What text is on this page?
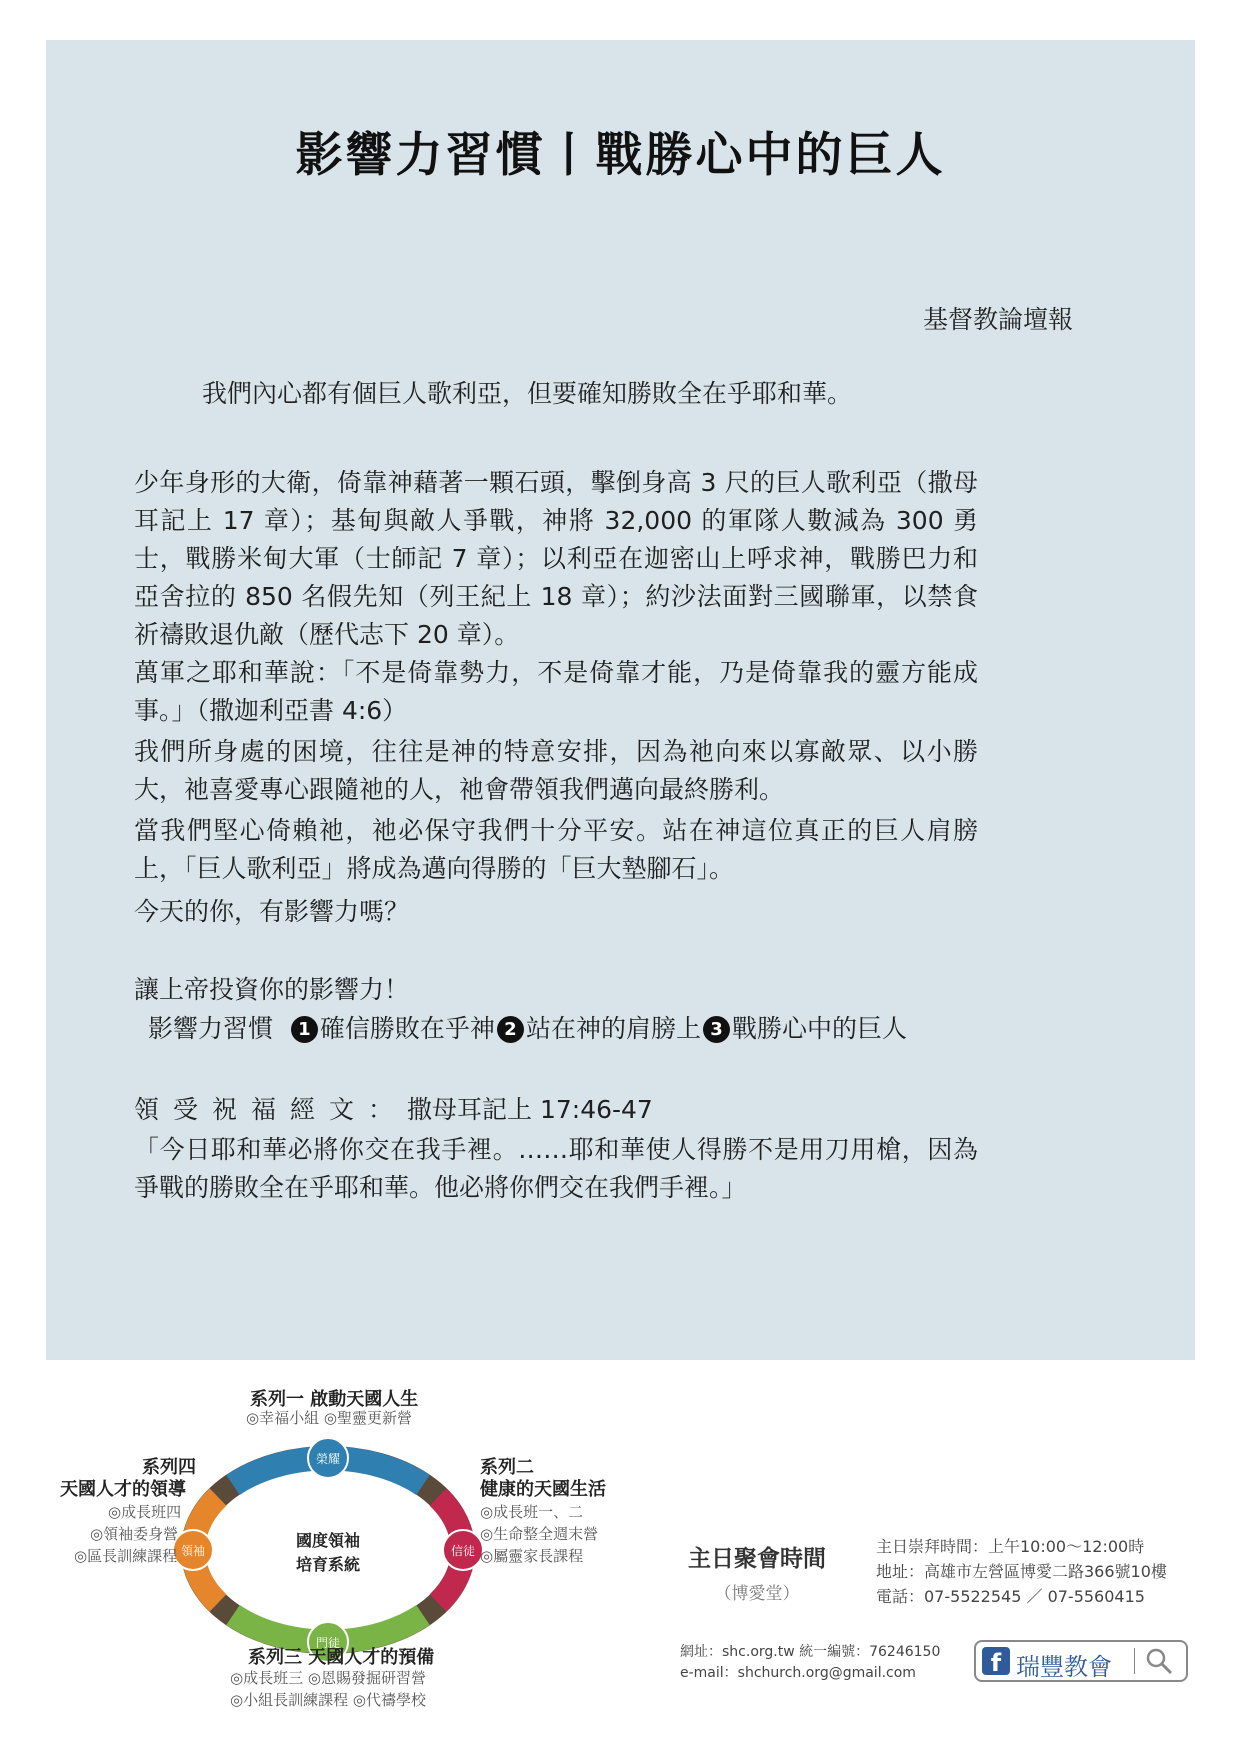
影響力習慣丨戰勝心中的巨人
基督教論壇報
我們內心都有個巨人歌利亞，但要確知勝敗全在乎耶和華。
少年身形的大衛，倚靠神藉著一顆石頭，擊倒身高 3 尺的巨人歌利亞（撒母耳記上 17 章）；基甸與敵人爭戰，神將 32,000 的軍隊人數減為 300 勇士，戰勝米甸大軍（士師記 7 章）；以利亞在迦密山上呼求神，戰勝巴力和亞舍拉的 850 名假先知（列王紀上 18 章）；約沙法面對三國聯軍，以禁食祈禱敗退仇敵（歷代志下 20 章）。
萬軍之耶和華說：「不是倚靠勢力，不是倚靠才能，乃是倚靠我的靈方能成事。」（撒迦利亞書 4:6）
我們所身處的困境，往往是神的特意安排，因為祂向來以寡敵眾、以小勝大，祂喜愛專心跟隨祂的人，祂會帶領我們邁向最終勝利。
當我們堅心倚賴祂，祂必保守我們十分平安。站在神這位真正的巨人肩膀上，「巨人歌利亞」將成為邁向得勝的「巨大墊腳石」。
今天的你，有影響力嗎？
讓上帝投資你的影響力！
影響力習慣 1 確信勝敗在乎神 2 站在神的肩膀上 3 戰勝心中的巨人
領受祝福經文：撒母耳記上 17:46-47
「今日耶和華必將你交在我手裡。……耶和華使人得勝不是用刀用槍，因為爭戰的勝敗全在乎耶和華。他必將你們交在我們手裡。」
榮耀
領袖	信徒
門徒
國度領袖
培育系統
系列一 啟動天國人生
◎幸福小組 ◎聖靈更新營
系列二
健康的天國生活
◎成長班一、二
◎生命整全週末營
◎屬靈家長課程
系列三 天國人才的預備
◎成長班三 ◎恩賜發掘研習營
◎小組長訓練課程 ◎代禱學校
系列四
天國人才的領導
◎成長班四
◎領袖委身營
◎區長訓練課程	主日聚會時間
（博愛堂）
主日崇拜時間：上午10:00～12:00時
地址：高雄市左營區博愛二路366號10樓
電話：07-5522545 ／ 07-5560415
網址：shc.org.tw 統一編號：76246150
e-mail：shchurch.org@gmail.com	f 瑞豐教會
